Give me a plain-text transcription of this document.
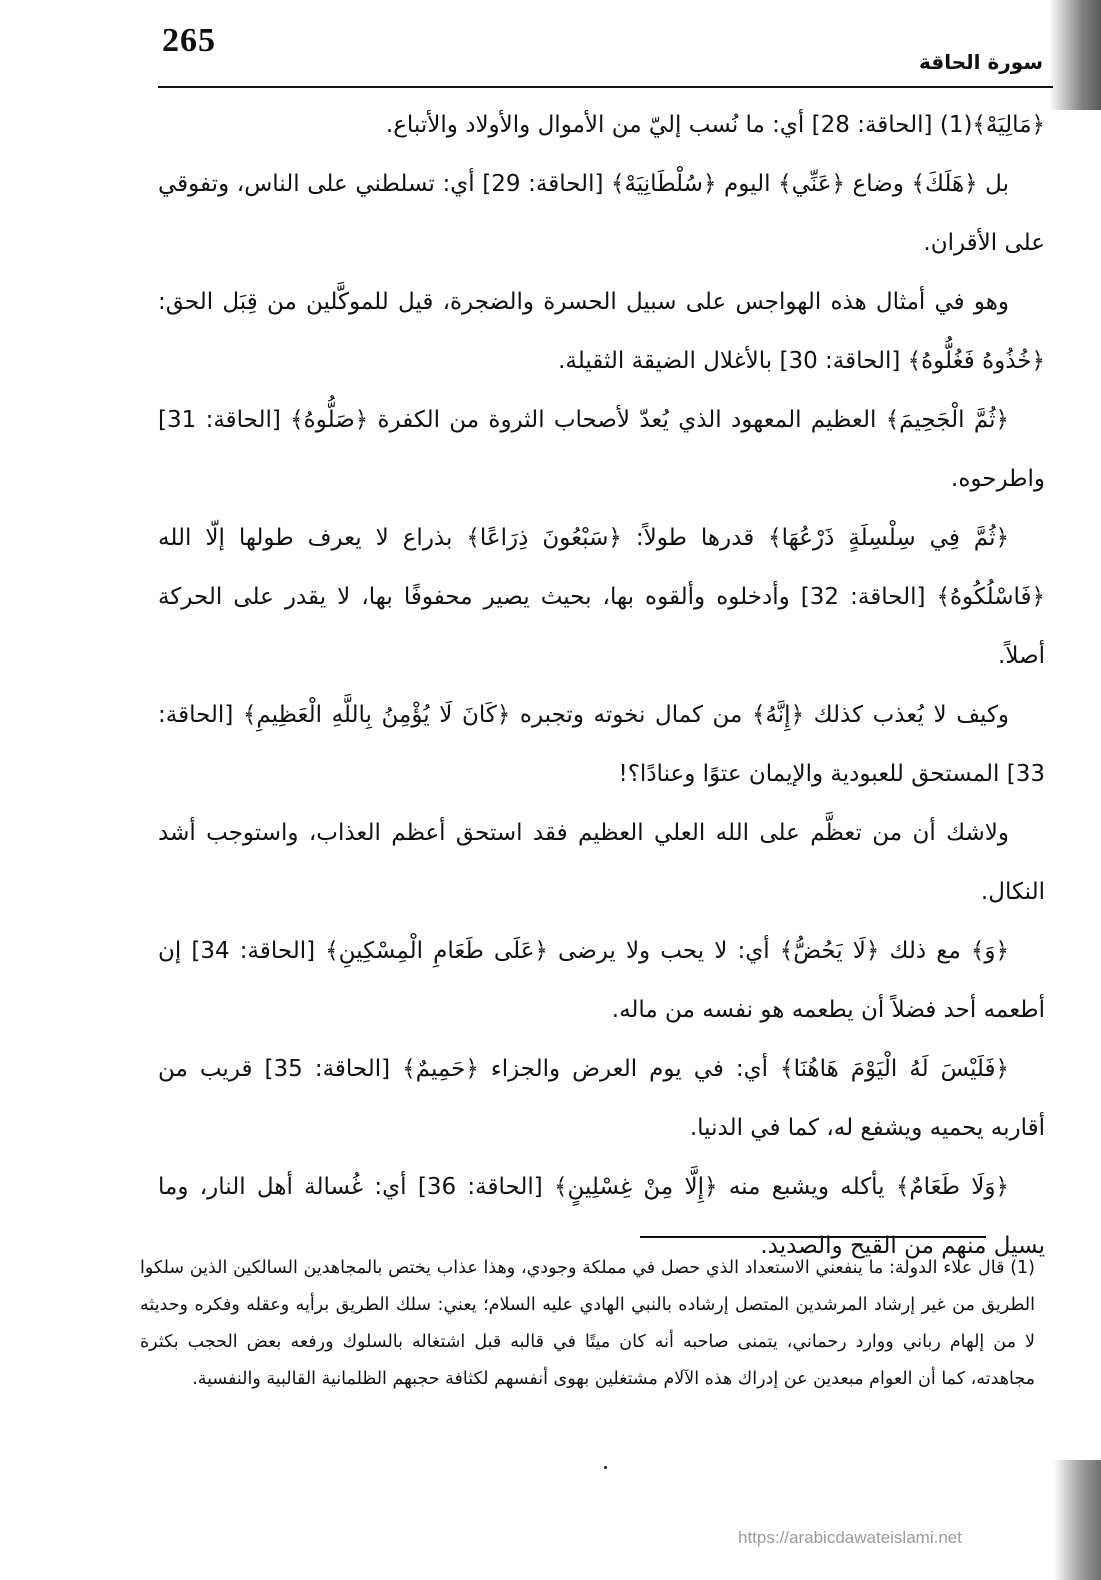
265
سورة الحاقة

﴿مَالِيَهْ﴾(1) [الحاقة: 28] أي: ما نُسب إليّ من الأموال والأولاد والأتباع.

بل ﴿هَلَكَ﴾ وضاع ﴿عَنِّي﴾ اليوم ﴿سُلْطَانِيَهْ﴾ [الحاقة: 29] أي: تسلطني على الناس، وتفوقي على الأقران.

وهو في أمثال هذه الهواجس على سبيل الحسرة والضجرة، قيل للموكَّلين من قِبَل الحق: ﴿خُذُوهُ فَغُلُّوهُ﴾ [الحاقة: 30] بالأغلال الضيقة الثقيلة.

﴿ثُمَّ الْجَحِيمَ﴾ العظيم المعهود الذي يُعدّ لأصحاب الثروة من الكفرة ﴿صَلُّوهُ﴾ [الحاقة: 31] واطرحوه.

﴿ثُمَّ فِي سِلْسِلَةٍ ذَرْعُهَا﴾ قدرها طولاً: ﴿سَبْعُونَ ذِرَاعًا﴾ بذراع لا يعرف طولها إلّا الله ﴿فَاسْلُكُوهُ﴾ [الحاقة: 32] وأدخلوه وألقوه بها، بحيث يصير محفوفًا بها، لا يقدر على الحركة أصلاً.

وكيف لا يُعذب كذلك ﴿إِنَّهُ﴾ من كمال نخوته وتجبره ﴿كَانَ لَا يُؤْمِنُ بِاللَّهِ الْعَظِيمِ﴾ [الحاقة: 33] المستحق للعبودية والإيمان عتوًا وعنادًا؟!

ولاشك أن من تعظَّم على الله العلي العظيم فقد استحق أعظم العذاب، واستوجب أشد النكال.

﴿وَ﴾ مع ذلك ﴿لَا يَحُضُّ﴾ أي: لا يحب ولا يرضى ﴿عَلَى طَعَامِ الْمِسْكِينِ﴾ [الحاقة: 34] إن أطعمه أحد فضلاً أن يطعمه هو نفسه من ماله.

﴿فَلَيْسَ لَهُ الْيَوْمَ هَاهُنَا﴾ أي: في يوم العرض والجزاء ﴿حَمِيمٌ﴾ [الحاقة: 35] قريب من أقاربه يحميه ويشفع له، كما في الدنيا.

﴿وَلَا طَعَامٌ﴾ يأكله ويشبع منه ﴿إِلَّا مِنْ غِسْلِينٍ﴾ [الحاقة: 36] أي: غُسالة أهل النار، وما يسيل منهم من القيح والصديد.

(1) قال علاء الدولة: ما ينفعني الاستعداد الذي حصل في مملكة وجودي، وهذا عذاب يختص بالمجاهدين السالكين الذين سلكوا الطريق من غير إرشاد المرشدين المتصل إرشاده بالنبي الهادي عليه السلام؛ يعني: سلك الطريق برأيه وعقله وفكره وحديثه لا من إلهام رباني ووارد رحماني، يتمنى صاحبه أنه كان ميتًا في قالبه قبل اشتغاله بالسلوك ورفعه بعض الحجب بكثرة مجاهدته، كما أن العوام مبعدين عن إدراك هذه الآلام مشتغلين بهوى أنفسهم لكثافة حجبهم الظلمانية القالبية والنفسية.

https://arabicdawateislami.net
